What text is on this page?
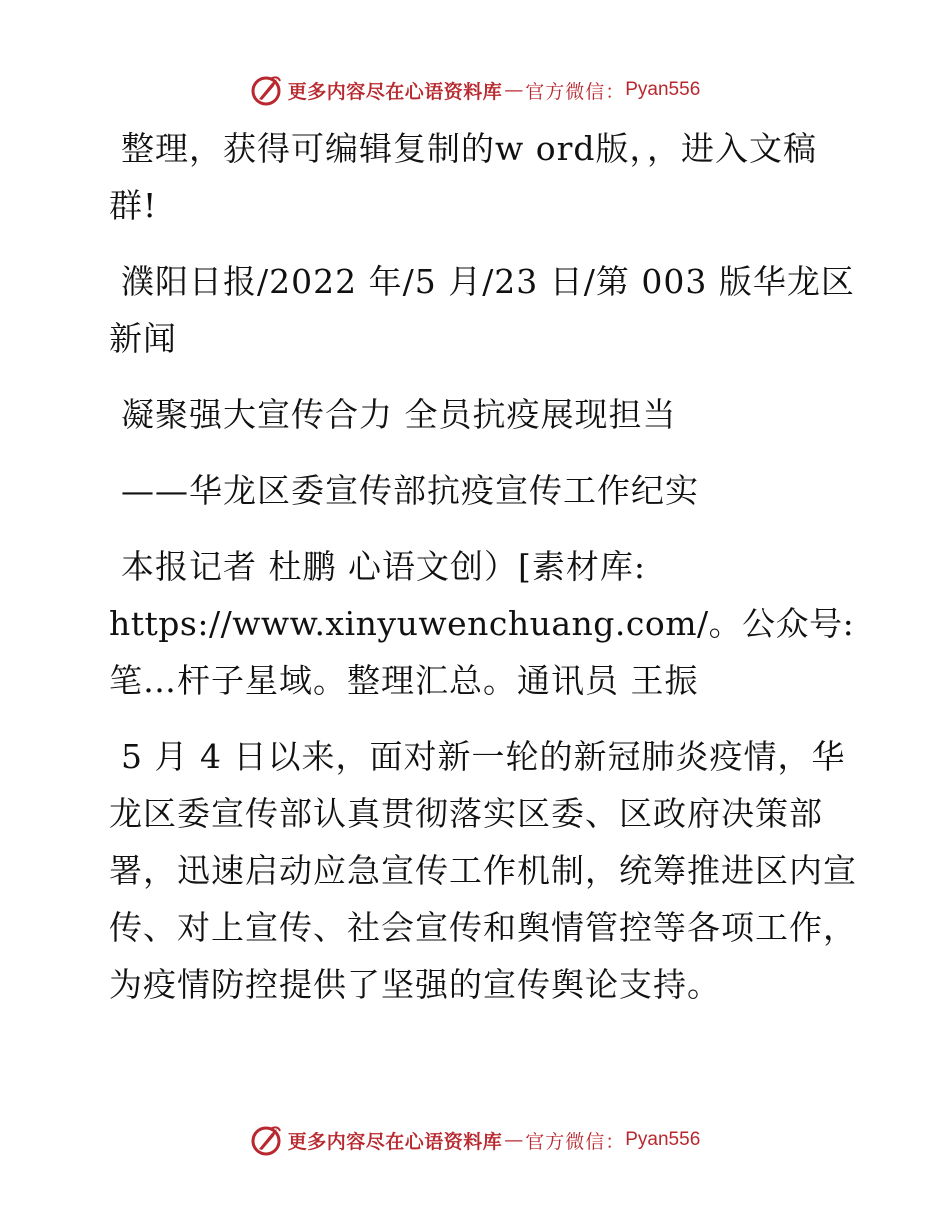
更多内容尽在心语资料库 — 官方微信： Pyan556
整理，获得可编辑复制的w ord版，，进入文稿
群!
濮阳日报/2022 年/5 月/23 日/第 003 版华龙区
新闻
凝聚强大宣传合力 全员抗疫展现担当
——华龙区委宣传部抗疫宣传工作纪实
本报记者 杜鹏 心语文创）[素材库:
https://www.xinyuwenchuang.com/。公众号:
笔…杆子星域。整理汇总。通讯员 王振
5 月 4 日以来，面对新一轮的新冠肺炎疫情，华
龙区委宣传部认真贯彻落实区委、区政府决策部
署，迅速启动应急宣传工作机制，统筹推进区内宣
传、对上宣传、社会宣传和舆情管控等各项工作，
为疫情防控提供了坚强的宣传舆论支持。
更多内容尽在心语资料库 — 官方微信： Pyan556
